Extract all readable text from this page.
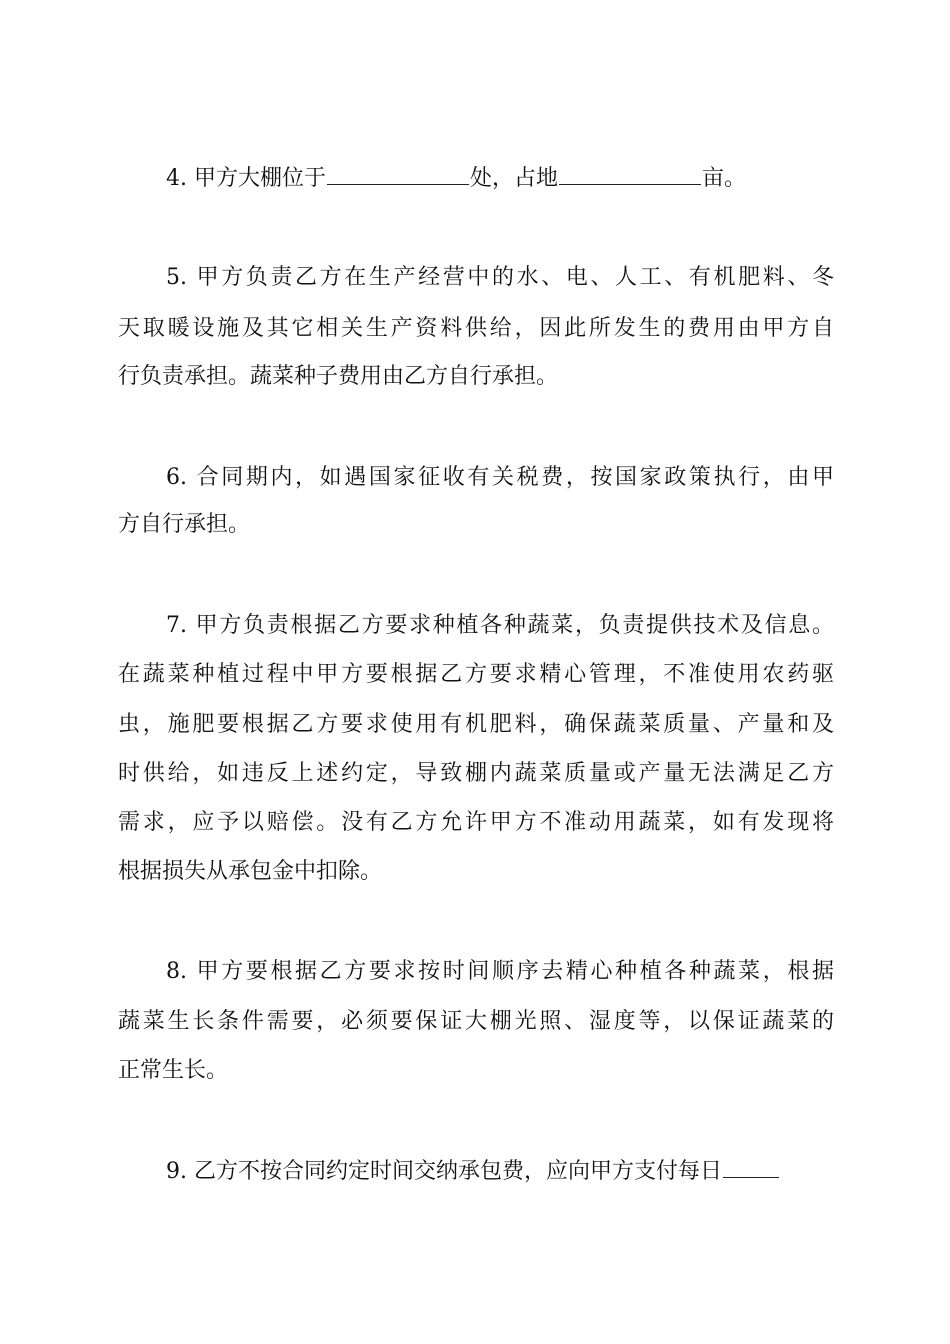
4. 甲方大棚位于	处，占地	亩。
5. 甲方负责乙方在生产经营中的水、电、人工、有机肥料、冬
天取暖设施及其它相关生产资料供给，因此所发生的费用由甲方自
行负责承担。蔬菜种子费用由乙方自行承担。
6. 合同期内，如遇国家征收有关税费，按国家政策执行，由甲
方自行承担。
7. 甲方负责根据乙方要求种植各种蔬菜，负责提供技术及信息。
在蔬菜种植过程中甲方要根据乙方要求精心管理，不准使用农药驱
虫，施肥要根据乙方要求使用有机肥料，确保蔬菜质量、产量和及
时供给，如违反上述约定，导致棚内蔬菜质量或产量无法满足乙方
需求，应予以赔偿。没有乙方允许甲方不准动用蔬菜，如有发现将
根据损失从承包金中扣除。
8. 甲方要根据乙方要求按时间顺序去精心种植各种蔬菜，根据
蔬菜生长条件需要，必须要保证大棚光照、湿度等，以保证蔬菜的
正常生长。
9. 乙方不按合同约定时间交纳承包费，应向甲方支付每日
